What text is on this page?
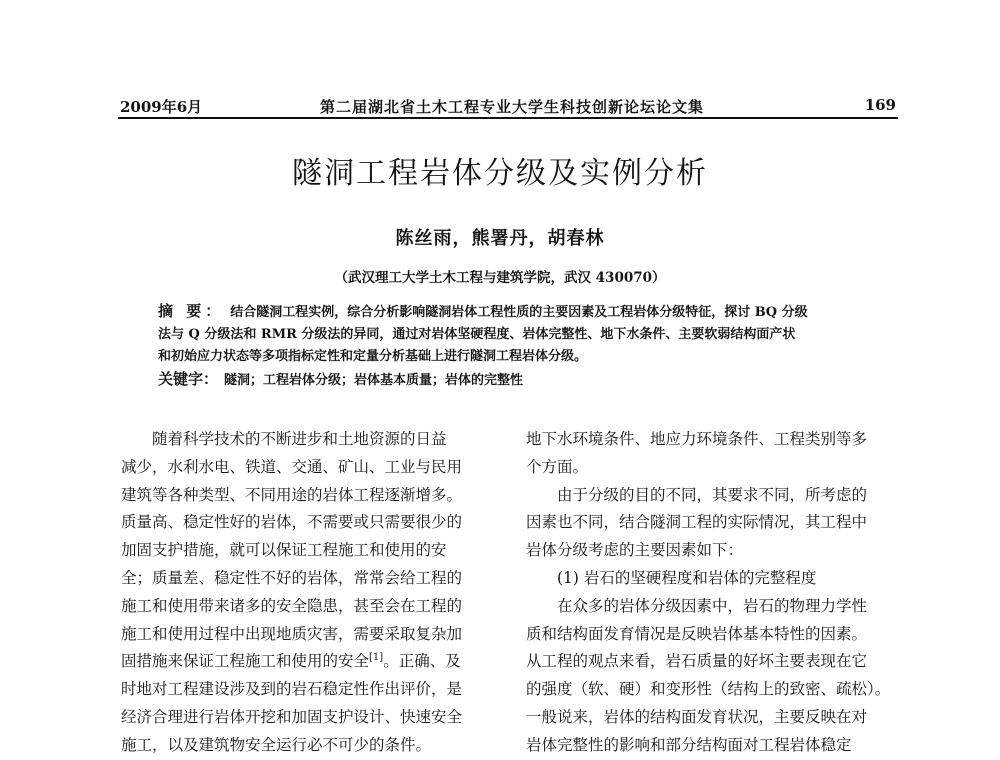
2009年6月	第二届湖北省土木工程专业大学生科技创新论坛论文集	169
隧洞工程岩体分级及实例分析
陈丝雨，熊署丹，胡春林
（武汉理工大学土木工程与建筑学院，武汉 430070）

摘 要： 结合隧洞工程实例，综合分析影响隧洞岩体工程性质的主要因素及工程岩体分级特征，探讨 BQ 分级

法与 Q 分级法和 RMR 分级法的异同，通过对岩体坚硬程度、岩体完整性、地下水条件、主要软弱结构面产状

和初始应力状态等多项指标定性和定量分析基础上进行隧洞工程岩体分级。

关键字： 隧洞；工程岩体分级；岩体基本质量；岩体的完整性

随着科学技术的不断进步和土地资源的日益

减少，水利水电、铁道、交通、矿山、工业与民用

建筑等各种类型、不同用途的岩体工程逐渐增多。

质量高、稳定性好的岩体，不需要或只需要很少的

加固支护措施，就可以保证工程施工和使用的安

全；质量差、稳定性不好的岩体，常常会给工程的

施工和使用带来诸多的安全隐患，甚至会在工程的

施工和使用过程中出现地质灾害，需要采取复杂加

固措施来保证工程施工和使用的安全[1]。正确、及

时地对工程建设涉及到的岩石稳定性作出评价，是

经济合理进行岩体开挖和加固支护设计、快速安全

施工，以及建筑物安全运行必不可少的条件。

地下水环境条件、地应力环境条件、工程类别等多

个方面。

由于分级的目的不同，其要求不同，所考虑的

因素也不同，结合隧洞工程的实际情况，其工程中

岩体分级考虑的主要因素如下：

(1) 岩石的坚硬程度和岩体的完整程度

在众多的岩体分级因素中，岩石的物理力学性

质和结构面发育情况是反映岩体基本特性的因素。

从工程的观点来看，岩石质量的好坏主要表现在它

的强度（软、硬）和变形性（结构上的致密、疏松）。

一般说来，岩体的结构面发育状况，主要反映在对

岩体完整性的影响和部分结构面对工程岩体稳定
